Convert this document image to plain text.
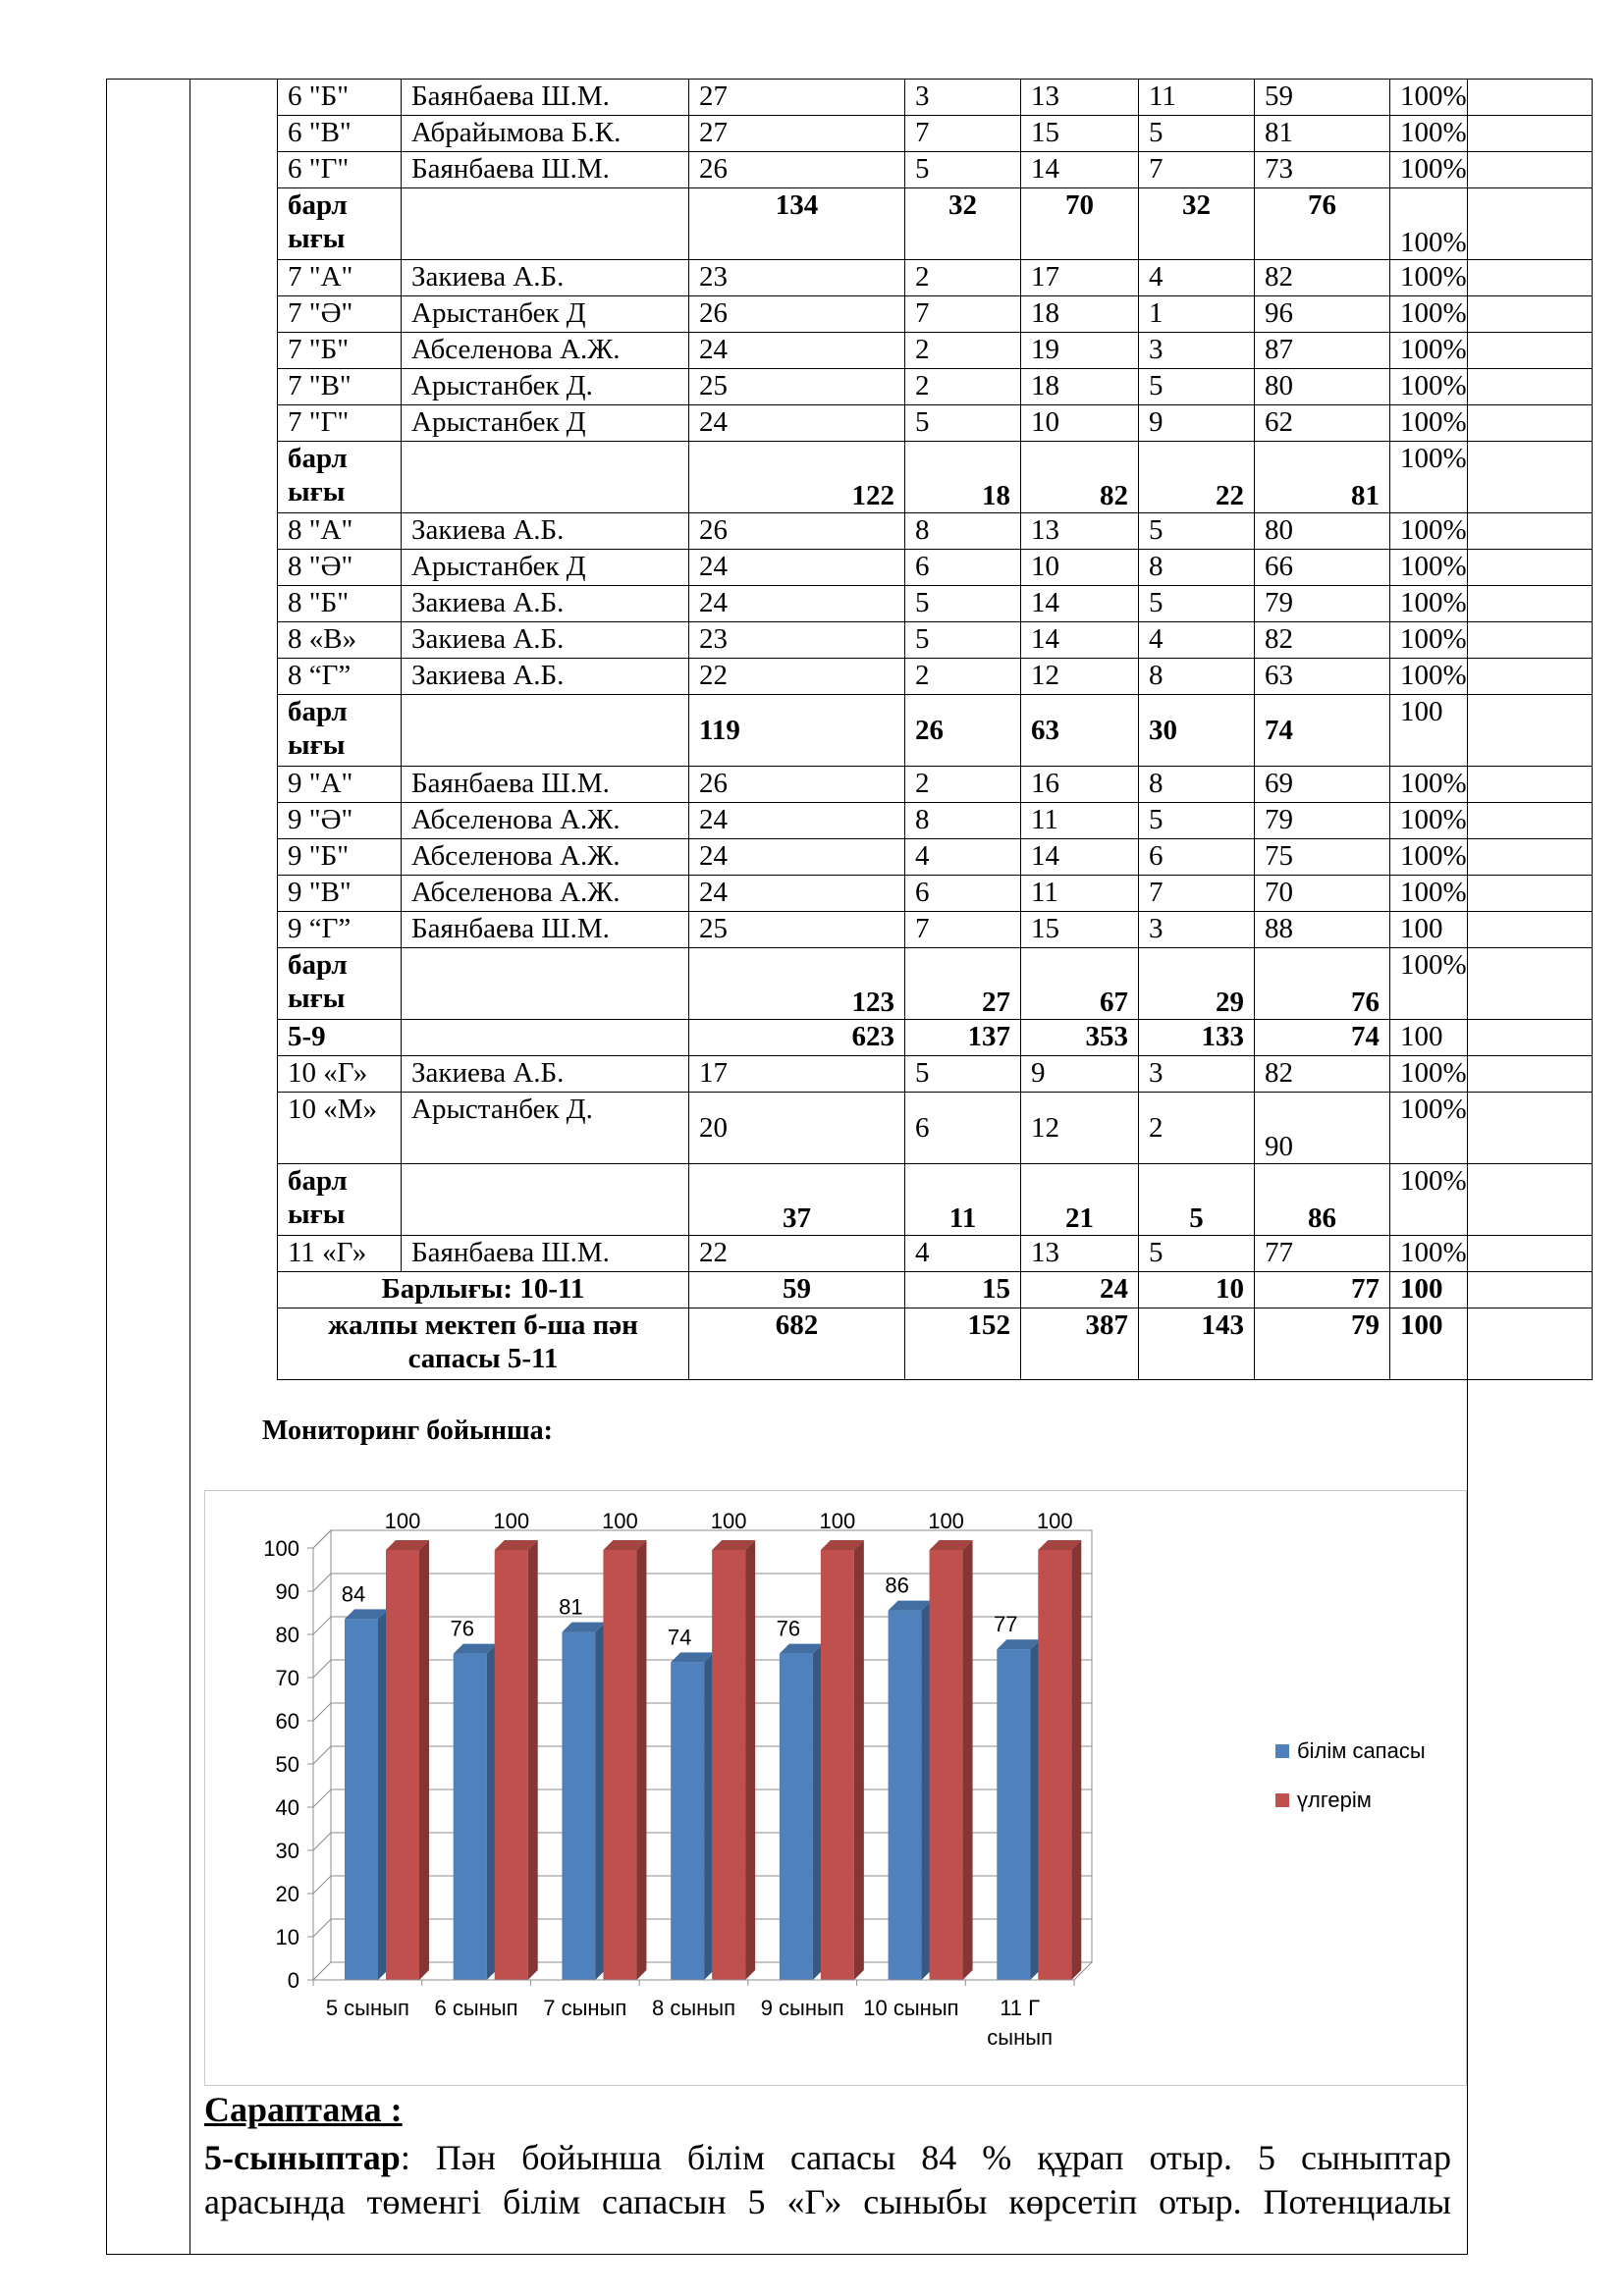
6 "Б"	Баянбаева Ш.М.	27	3	13	11	59	100%
6 "В"	Абрайымова Б.К.	27	7	15	5	81	100%
6 "Г"	Баянбаева Ш.М.	26	5	14	7	73	100%
барл ығы		134	32	70	32	76	100%
7 "А"	Закиева А.Б.	23	2	17	4	82	100%
7 "Ә"	Арыстанбек Д	26	7	18	1	96	100%
7 "Б"	Абселенова А.Ж.	24	2	19	3	87	100%
7 "В"	Арыстанбек Д.	25	2	18	5	80	100%
7 "Г"	Арыстанбек Д	24	5	10	9	62	100%
барл ығы		122	18	82	22	81	100%
8 "А"	Закиева А.Б.	26	8	13	5	80	100%
8 "Ә"	Арыстанбек Д	24	6	10	8	66	100%
8 "Б"	Закиева А.Б.	24	5	14	5	79	100%
8 «В»	Закиева А.Б.	23	5	14	4	82	100%
8 “Г”	Закиева А.Б.	22	2	12	8	63	100%
барл ығы		119	26	63	30	74	100
9 "А"	Баянбаева Ш.М.	26	2	16	8	69	100%
9 "Ә"	Абселенова А.Ж.	24	8	11	5	79	100%
9 "Б"	Абселенова А.Ж.	24	4	14	6	75	100%
9 "В"	Абселенова А.Ж.	24	6	11	7	70	100%
9 “Г”	Баянбаева Ш.М.	25	7	15	3	88	100
барл ығы		123	27	67	29	76	100%
5-9		623	137	353	133	74	100
10 «Г»	Закиева А.Б.	17	5	9	3	82	100%
10 «М»	Арыстанбек Д.	20	6	12	2	90	100%
барл ығы		37	11	21	5	86	100%
11 «Г»	Баянбаева Ш.М.	22	4	13	5	77	100%
Барлығы: 10-11		59	15	24	10	77	100
жалпы мектеп б-ша пән сапасы 5-11		682	152	387	143	79	100
Мониторинг бойынша:
0
10
20
30
40
50
60
70
80
90
100
84
100
5 сынып
76
100
6 сынып
81
100
7 сынып
74
100
8 сынып
76
100
9 сынып
86
100
10 сынып
77
100
11 Г
сынып
білім сапасы
үлгерім
Сараптама :
5-сыныптар: Пән бойынша білім сапасы 84 % құрап отыр. 5 сыныптар
арасында төменгі білім сапасын 5 «Г» сыныбы көрсетіп отыр. Потенциалы
